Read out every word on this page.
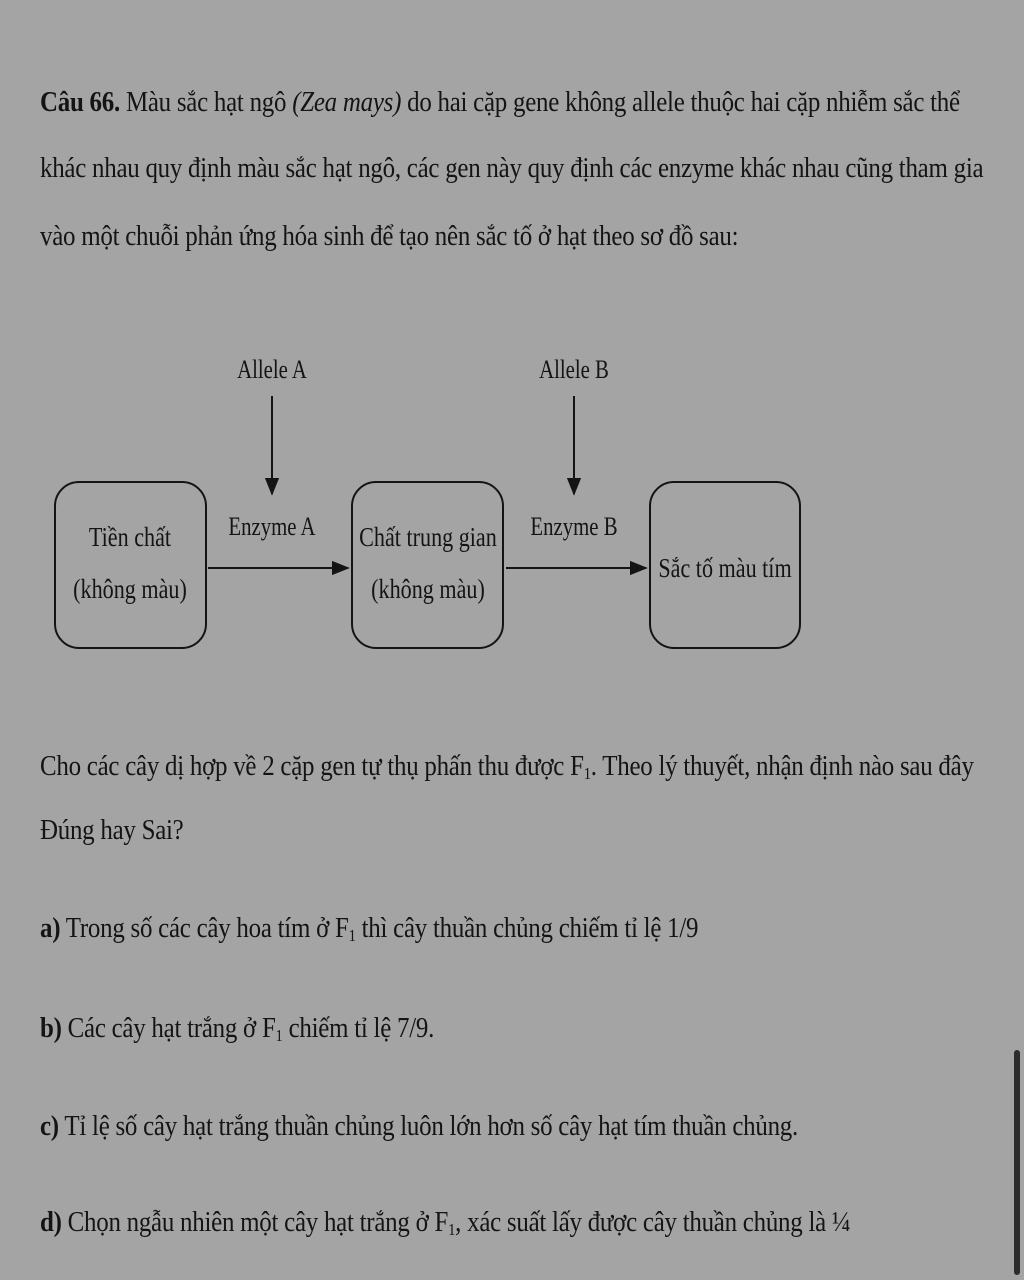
Câu 66. Màu sắc hạt ngô (Zea mays) do hai cặp gene không allele thuộc hai cặp nhiễm sắc thể
khác nhau quy định màu sắc hạt ngô, các gen này quy định các enzyme khác nhau cũng tham gia
vào một chuỗi phản ứng hóa sinh để tạo nên sắc tố ở hạt theo sơ đồ sau:
Allele A	Allele B
Tiền chất
(không màu)
Chất trung gian
(không màu)
Sắc tố màu tím
Enzyme A	Enzyme B
Cho các cây dị hợp về 2 cặp gen tự thụ phấn thu được $F_1$. Theo lý thuyết, nhận định nào sau đây
Đúng hay Sai?
a) Trong số các cây hoa tím ở $F_1$ thì cây thuần chủng chiếm tỉ lệ 1/9
b) Các cây hạt trắng ở $F_1$ chiếm tỉ lệ 7/9.
c) Tỉ lệ số cây hạt trắng thuần chủng luôn lớn hơn số cây hạt tím thuần chủng.
d) Chọn ngẫu nhiên một cây hạt trắng ở $F_1$, xác suất lấy được cây thuần chủng là ¼
